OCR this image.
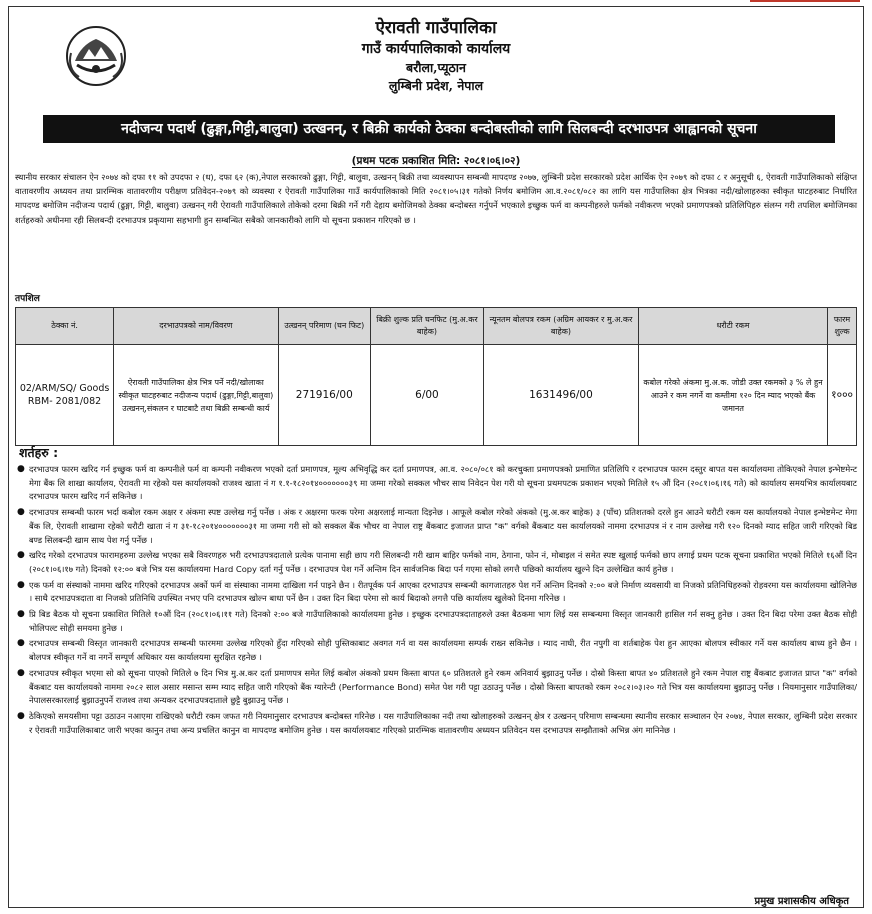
ऐरावती गाउँपालिका
गाउँ कार्यपालिकाको कार्यालय
बरौला,प्यूठान
लुम्बिनी प्रदेश, नेपाल
नदीजन्य पदार्थ (ढुङ्गा,गिट्टी,बालुवा) उत्खनन्, र बिक्री कार्यको ठेक्का बन्दोबस्तीको लागि सिलबन्दी दरभाउपत्र आह्वानको सूचना
(प्रथम पटक प्रकाशित मिति: २०८१।०६।०२)
स्थानीय सरकार संचालन ऐन २०७४ को दफा ११ को उपदफा २ (ध), दफा ६२ (क),नेपाल सरकारको ढुङ्गा, गिट्टी, बालुवा, उत्खनन् बिक्री तथा व्यवस्थापन सम्बन्धी मापदण्ड २०७७, लुम्बिनी प्रदेश सरकारको प्रदेश आर्थिक ऐन २०७९ को दफा ८ र अनुसूची ६, ऐरावती गाउँपालिकाको संक्षिप्त वातावरणीय अध्ययन तथा प्रारम्भिक वातावरणीय परीक्षण प्रतिवेदन-२०७९ को व्यवस्था र ऐरावती गाउँपालिका गाउँ कार्यपालिकाको मिति २०८१।०५।३१ गतेको निर्णय बमोजिम आ.व.२०८१/०८२ का लागि यस गाउँपालिका क्षेत्र भित्रका नदी/खोलाहरुका स्वीकृत घाटहरुबाट निर्धारित मापदण्ड बमोजिम नदीजन्य पदार्थ (ढुङ्गा, गिट्टी, बालुवा) उत्खनन् गरी ऐरावती गाउँपालिकाले तोकेको दरमा बिक्री गर्ने गरी देहाय बमोजिमको ठेक्का बन्दोबस्त गर्नुपर्ने भएकाले इच्छुक फर्म वा कम्पनीहरुले फर्मको नवीकरण भएको प्रमाणपत्रको प्रतिलिपिहरु संलग्न गरी तपशिल बमोजिमका शर्तहरुको अधीनमा रही सिलबन्दी दरभाउपत्र प्रकृयामा सहभागी हुन सम्बन्धित सबैको जानकारीको लागि यो सूचना प्रकाशन गरिएको छ ।
तपशिल
ठेक्का नं.	दरभाउपत्रको नाम/विवरण	उत्खनन् परिमाण (घन फिट)	बिक्री शुल्क प्रति घनफिट (मु.अ.कर बाहेक)	न्यूनतम बोलपत्र रकम (अग्रिम आयकर र मु.अ.कर बाहेक)	धरौटी रकम	फारम शुल्क
02/ARM/SQ/ Goods RBM- 2081/082	ऐरावती गाउँपालिका क्षेत्र भित्र पर्ने नदी/खोलाका स्वीकृत घाटहरुबाट नदीजन्य पदार्थ (ढुङ्गा,गिट्टी,बालुवा) उत्खनन्,संकलन र घाटबाटै तथा बिक्री सम्बन्धी कार्य	271916/00	6/00	1631496/00	कबोल गरेको अंकमा मु.अ.क. जोडी उक्त रकमको ३ % ले हुन आउने र कम नगर्ने वा कम्तीमा १२० दिन म्याद भएको बैंक जमानत	१०००
शर्तहरु :
● दरभाउपत्र फारम खरिद गर्न इच्छुक फर्म वा कम्पनीले फर्म वा कम्पनी नवीकरण भएको दर्ता प्रमाणपत्र, मूल्य अभिवृद्धि कर दर्ता प्रमाणपत्र, आ.व. २०८०/०८१ को करचुक्ता प्रमाणपत्रको प्रमाणित प्रतिलिपि र दरभाउपत्र फारम दस्तुर बापत यस कार्यालयमा तोकिएको नेपाल इन्भेष्टमेन्ट मेगा बैंक लि शाखा कार्यालय, ऐरावती मा रहेको यस कार्यालयको राजश्व खाता नं ग १.१-१८२०१४०००००००३९ मा जम्मा गरेको सक्कल भौचर साथ निवेदन पेश गरी यो सूचना प्रथमपटक प्रकाशन भएको मितिले १५ औं दिन (२०८१।०६।१६ गते) को कार्यालय समयभित्र कार्यालयबाट दरभाउपत्र फारम खरिद गर्न सकिनेछ ।
● दरभाउपत्र सम्बन्धी फारम भर्दा कबोल रकम अक्षर र अंकमा स्पष्ट उल्लेख गर्नु पर्नेछ । अंक र अक्षरमा फरक परेमा अक्षरलाई मान्यता दिइनेछ । आफूले कबोल गरेको अंकको (मु.अ.कर बाहेक) ३ (पाँच) प्रतिशतको दरले हुन आउने धरौटी रकम यस कार्यालयको नेपाल इन्भेष्टमेन्ट मेगा बैंक लि, ऐरावती शाखामा रहेको धरौटी खाता नं ग ३१-१८२०१४०००००००३१ मा जम्मा गरी सो को सक्कल बैंक भौचर वा नेपाल राष्ट्र बैंकबाट इजाजत प्राप्त "क" वर्गको बैंकबाट यस कार्यालयको नाममा दरभाउपत्र नं र नाम उल्लेख गरी १२० दिनको म्याद सहित जारी गरिएको बिड बण्ड सिलबन्दी खाम साथ पेश गर्नु पर्नेछ ।
● खरिद गरेको दरभाउपत्र फारामहरुमा उल्लेख भएका सबै विवरणहरु भरी दरभाउपत्रदाताले प्रत्येक पानामा सही छाप गरी सिलबन्दी गरी खाम बाहिर फर्मको नाम, ठेगाना, फोन नं, मोबाइल नं समेत स्पष्ट खुलाई फर्मको छाप लगाई प्रथम पटक सूचना प्रकाशित भएको मितिले १६औं दिन (२०८१।०६।१७ गते) दिनको १२:०० बजे भित्र यस कार्यालयमा Hard Copy दर्ता गर्नु पर्नेछ । दरभाउपत्र पेश गर्ने अन्तिम दिन सार्वजनिक बिदा पर्न गएमा सोको लगत्तै पछिको कार्यालय खुल्ने दिन उल्लेखित कार्य हुनेछ ।
● एक फर्म वा संस्थाको नाममा खरिद गरिएको दरभाउपत्र अर्को फर्म वा संस्थाका नाममा दाखिला गर्न पाइने छैन । रीतपूर्वक पर्न आएका दरभाउपत्र सम्बन्धी कागजातहरु पेश गर्ने अन्तिम दिनको २:०० बजे निर्माण व्यवसायी वा निजको प्रतिनिधिहरुको रोहवरमा यस कार्यालयमा खोलिनेछ । साथै दरभाउपत्रदाता वा निजको प्रतिनिधि उपस्थित नभए पनि दरभाउपत्र खोल्न बाधा पर्ने छैन । उक्त दिन बिदा परेमा सो कार्य बिदाको लगत्तै पछि कार्यालय खुलेको दिनमा गरिनेछ ।
● प्रि बिड बैठक यो सूचना प्रकाशित मितिले १०औं दिन (२०८१।०६।११ गते) दिनको २:०० बजे गाउँपालिकाको कार्यालयमा हुनेछ । इच्छुक दरभाउपत्रदाताहरुले उक्त बैठकमा भाग लिई यस सम्बन्धमा विस्तृत जानकारी हासिल गर्न सक्नु हुनेछ । उक्त दिन बिदा परेमा उक्त बैठक सोही भोलिपल्ट सोही समयमा हुनेछ ।
● दरभाउपत्र सम्बन्धी विस्तृत जानकारी दरभाउपत्र सम्बन्धी फारममा उल्लेख गरिएको हुँदा गरिएको सोही पुस्तिकाबाट अवगत गर्न वा यस कार्यालयमा सम्पर्क राख्न सकिनेछ । म्याद नाघी, रीत नपुगी वा शर्तबाहेक पेश हुन आएका बोलपत्र स्वीकार गर्ने यस कार्यालय बाध्य हुने छैन । बोलपत्र स्वीकृत गर्ने वा नगर्ने सम्पूर्ण अधिकार यस कार्यालयमा सुरक्षित रहनेछ ।
● दरभाउपत्र स्वीकृत भएमा सो को सूचना पाएको मितिले ७ दिन भित्र मु.अ.कर दर्ता प्रमाणपत्र समेत लिई कबोल अंकको प्रथम किस्ता बापत ६० प्रतिशतले हुने रकम अनिवार्य बुझाउनु पर्नेछ । दोस्रो किस्ता बापत ४० प्रतिशतले हुने रकम नेपाल राष्ट्र बैंकबाट इजाजत प्राप्त "क" वर्गको बैंकबाट यस कार्यालयको नाममा २०८२ साल असार मसान्त सम्म म्याद सहित जारी गरिएको बैंक ग्यारेन्टी (Performance Bond) समेत पेश गरी पट्टा उठाउनु पर्नेछ । दोस्रो किस्ता बापतको रकम २०८२।०३।२० गते भित्र यस कार्यालयमा बुझाउनु पर्नेछ । नियमानुसार गाउँपालिका/नेपालसरकारलाई बुझाउनुपर्ने राजश्व तथा अन्यकर दरभाउपत्रदाताले छुट्टै बुझाउनु पर्नेछ ।
● ठेकिएको समयसीमा पट्टा उठाउन नआएमा राखिएको धरौटी रकम जफत गरी नियमानुसार दरभाउपत्र बन्दोबस्त गरिनेछ । यस गाउँपालिकाका नदी तथा खोलाहरुको उत्खनन् क्षेत्र र उत्खनन् परिमाण सम्बन्धमा स्थानीय सरकार सञ्चालन ऐन २०७४, नेपाल सरकार, लुम्बिनी प्रदेश सरकार र ऐरावती गाउँपालिकाबाट जारी भएका कानुन तथा अन्य प्रचलित कानुन वा मापदण्ड बमोजिम हुनेछ । यस कार्यालयबाट गरिएको प्रारम्भिक वातावरणीय अध्ययन प्रतिवेदन यस दरभाउपत्र सम्झौताको अभिन्न अंग मानिनेछ ।
प्रमुख प्रशासकीय अधिकृत
